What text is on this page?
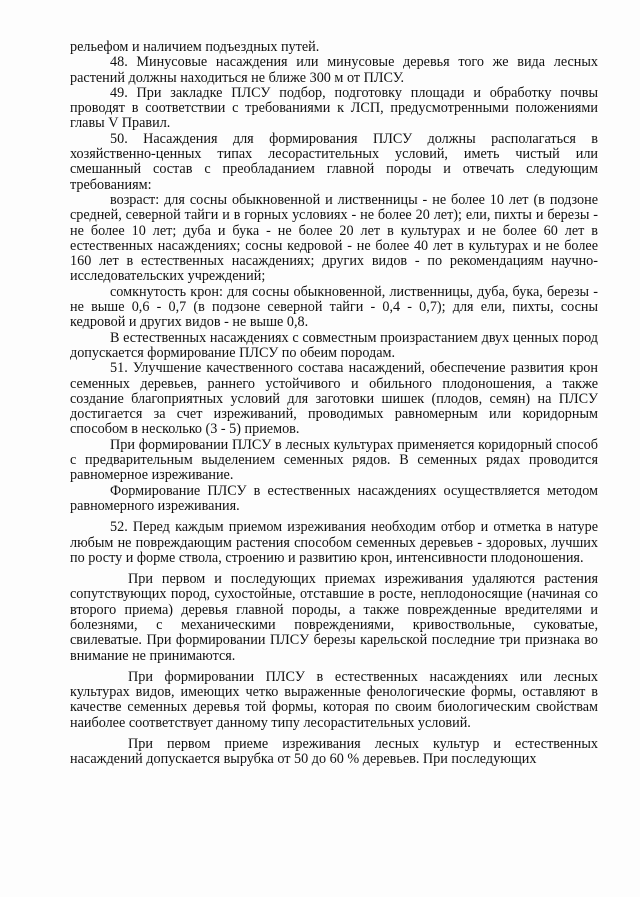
рельефом и наличием подъездных путей.

48. Минусовые насаждения или минусовые деревья того же вида лесных растений должны находиться не ближе 300 м от ПЛСУ.

49. При закладке ПЛСУ подбор, подготовку площади и обработку почвы проводят в соответствии с требованиями к ЛСП, предусмотренными положениями главы V Правил.

50. Насаждения для формирования ПЛСУ должны располагаться в хозяйственно-ценных типах лесорастительных условий, иметь чистый или смешанный состав с преобладанием главной породы и отвечать следующим требованиям:

возраст: для сосны обыкновенной и лиственницы - не более 10 лет (в подзоне средней, северной тайги и в горных условиях - не более 20 лет); ели, пихты и березы - не более 10 лет; дуба и бука - не более 20 лет в культурах и не более 60 лет в естественных насаждениях; сосны кедровой - не более 40 лет в культурах и не более 160 лет в естественных насаждениях; других видов - по рекомендациям научно-исследовательских учреждений;

сомкнутость крон: для сосны обыкновенной, лиственницы, дуба, бука, березы - не выше 0,6 - 0,7 (в подзоне северной тайги - 0,4 - 0,7); для ели, пихты, сосны кедровой и других видов - не выше 0,8.

В естественных насаждениях с совместным произрастанием двух ценных пород допускается формирование ПЛСУ по обеим породам.

51. Улучшение качественного состава насаждений, обеспечение развития крон семенных деревьев, раннего устойчивого и обильного плодоношения, а также создание благоприятных условий для заготовки шишек (плодов, семян) на ПЛСУ достигается за счет изреживаний, проводимых равномерным или коридорным способом в несколько (3 - 5) приемов.

При формировании ПЛСУ в лесных культурах применяется коридорный способ с предварительным выделением семенных рядов. В семенных рядах проводится равномерное изреживание.

Формирование ПЛСУ в естественных насаждениях осуществляется методом равномерного изреживания.

52. Перед каждым приемом изреживания необходим отбор и отметка в натуре любым не повреждающим растения способом семенных деревьев - здоровых, лучших по росту и форме ствола, строению и развитию крон, интенсивности плодоношения.

При первом и последующих приемах изреживания удаляются растения сопутствующих пород, сухостойные, отставшие в росте, неплодоносящие (начиная со второго приема) деревья главной породы, а также поврежденные вредителями и болезнями, с механическими повреждениями, кривоствольные, суковатые, свилеватые. При формировании ПЛСУ березы карельской последние три признака во внимание не принимаются.

При формировании ПЛСУ в естественных насаждениях или лесных культурах видов, имеющих четко выраженные фенологические формы, оставляют в качестве семенных деревья той формы, которая по своим биологическим свойствам наиболее соответствует данному типу лесорастительных условий.

При первом приеме изреживания лесных культур и естественных насаждений допускается вырубка от 50 до 60 % деревьев. При последующих
